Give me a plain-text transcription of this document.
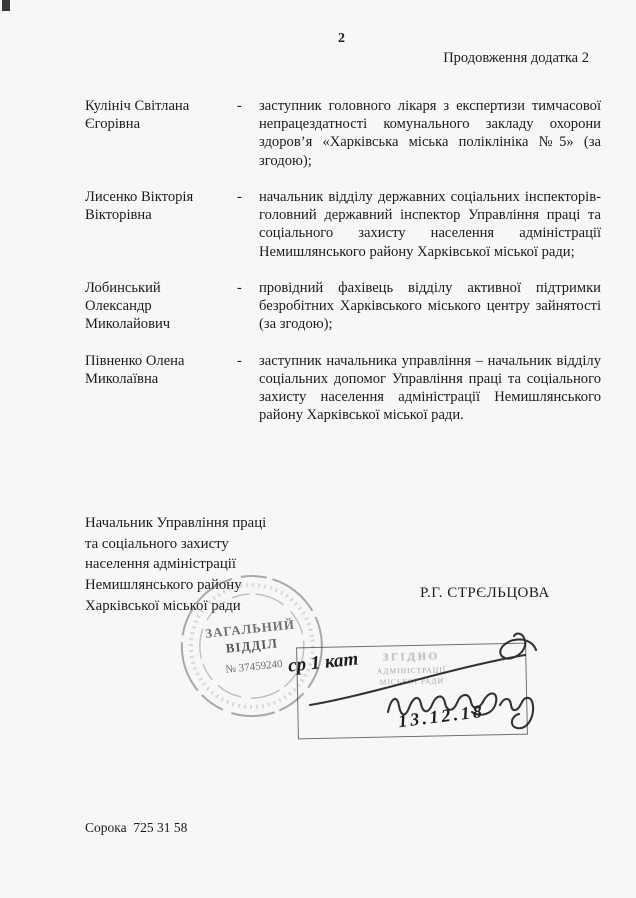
2
Продовження додатка 2
Кулініч Світлана Єгорівна
-	заступник головного лікаря з експертизи тимчасової непрацездатності комунального закладу охорони здоров’я «Харківська міська поліклініка №5» (за згодою);
Лисенко Вікторія Вікторівна
-	начальник відділу державних соціальних інспекторів-головний державний інспектор Управління праці та соціального захисту населення адміністрації Немишлянського району Харківської міської ради;
Лобинський Олександр Миколайович
-	провідний фахівець відділу активної підтримки безробітних Харківського міського центру зайнятості (за згодою);
Півненко Олена Миколаївна
-	заступник начальника управління – начальник відділу соціальних допомог Управління праці та соціального захисту населення адміністрації Немишлянського району Харківської міської ради.
Начальник Управління праці
та соціального захисту
населення адміністрації
Немишлянського району
Харківської міської ради
Р.Г. СТРЄЛЬЦОВА
ЗАГАЛЬНИЙ
ВІДДІЛ
№ 37459240
ЗГІДНО
АДМІНІСТРАЦІЇ
МІСЬКОЇ РАДИ
ср 1 кат
13.12.18
Сорока  725 31 58
